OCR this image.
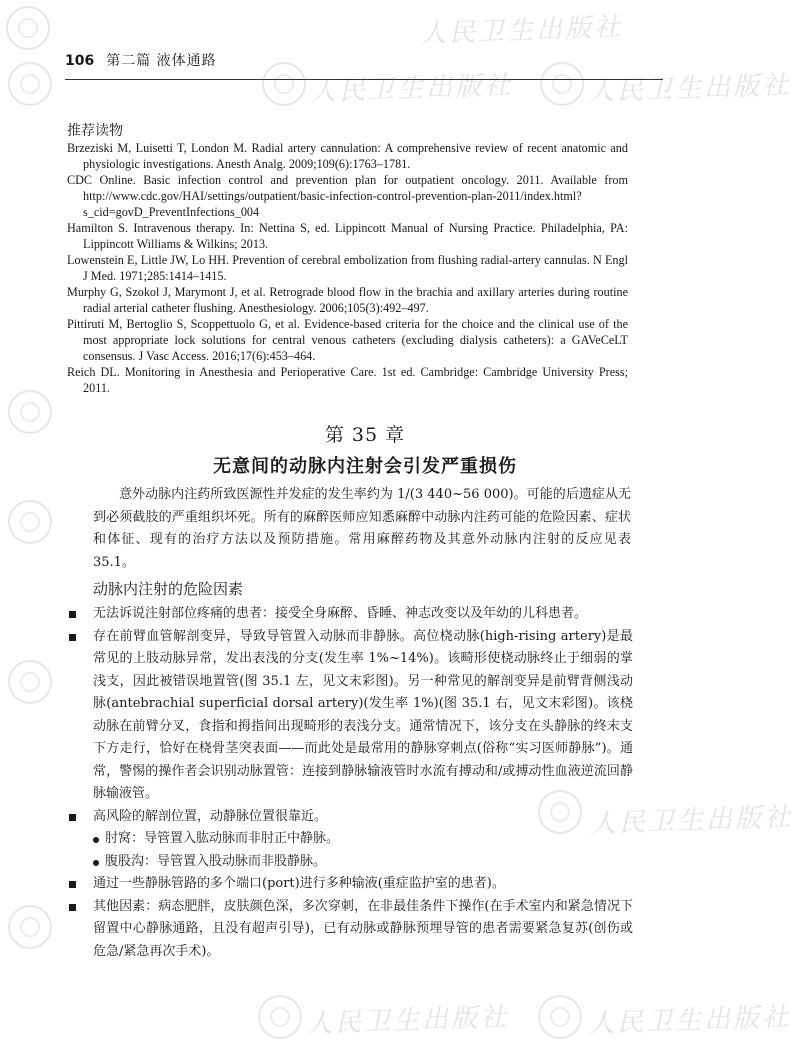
人民卫生出版社
人民卫生出版社	人民卫生出版社
人民卫生出版社
人民卫生出版社	人民卫生出版社
106 第二篇 液体通路
推荐读物

Brzeziski M, Luisetti T, London M. Radial artery cannulation: A comprehensive review of recent anatomic and physiologic investigations. Anesth Analg. 2009;109(6):1763–1781.

CDC Online. Basic infection control and prevention plan for outpatient oncology. 2011. Available from http://www.cdc.gov/HAI/settings/outpatient/basic-infection-control-prevention-plan-2011/index.html?s_cid=govD_PreventInfections_004

Hamilton S. Intravenous therapy. In: Nettina S, ed. Lippincott Manual of Nursing Practice. Philadelphia, PA: Lippincott Williams & Wilkins; 2013.

Lowenstein E, Little JW, Lo HH. Prevention of cerebral embolization from flushing radial-artery cannulas. N Engl J Med. 1971;285:1414–1415.

Murphy G, Szokol J, Marymont J, et al. Retrograde blood flow in the brachia and axillary arteries during routine radial arterial catheter flushing. Anesthesiology. 2006;105(3):492–497.

Pittiruti M, Bertoglio S, Scoppettuolo G, et al. Evidence-based criteria for the choice and the clinical use of the most appropriate lock solutions for central venous catheters (excluding dialysis catheters): a GAVeCeLT consensus. J Vasc Access. 2016;17(6):453–464.

Reich DL. Monitoring in Anesthesia and Perioperative Care. 1st ed. Cambridge: Cambridge University Press; 2011.

第 35 章
无意间的动脉内注射会引发严重损伤

意外动脉内注药所致医源性并发症的发生率约为 1/(3 440~56 000)。可能的后遗症从无到必须截肢的严重组织坏死。所有的麻醉医师应知悉麻醉中动脉内注药可能的危险因素、症状和体征、现有的治疗方法以及预防措施。常用麻醉药物及其意外动脉内注射的反应见表 35.1。

动脉内注射的危险因素
无法诉说注射部位疼痛的患者：接受全身麻醉、昏睡、神志改变以及年幼的儿科患者。
存在前臂血管解剖变异，导致导管置入动脉而非静脉。高位桡动脉(high-rising artery)是最常见的上肢动脉异常，发出表浅的分支(发生率 1%~14%)。该畸形使桡动脉终止于细弱的掌浅支，因此被错误地置管(图 35.1 左，见文末彩图)。另一种常见的解剖变异是前臂背侧浅动脉(antebrachial superficial dorsal artery)(发生率 1%)(图 35.1 右，见文末彩图)。该桡动脉在前臂分叉，食指和拇指间出现畸形的表浅分支。通常情况下，该分支在头静脉的终末支下方走行，恰好在桡骨茎突表面——而此处是最常用的静脉穿刺点(俗称“实习医师静脉”)。通常，警惕的操作者会识别动脉置管：连接到静脉输液管时水流有搏动和/或搏动性血液逆流回静脉输液管。
高风险的解剖位置，动静脉位置很靠近。
肘窝：导管置入肱动脉而非肘正中静脉。
腹股沟：导管置入股动脉而非股静脉。
通过一些静脉管路的多个端口(port)进行多种输液(重症监护室的患者)。
其他因素：病态肥胖，皮肤颜色深，多次穿刺，在非最佳条件下操作(在手术室内和紧急情况下留置中心静脉通路，且没有超声引导)，已有动脉或静脉预埋导管的患者需要紧急复苏(创伤或危急/紧急再次手术)。
